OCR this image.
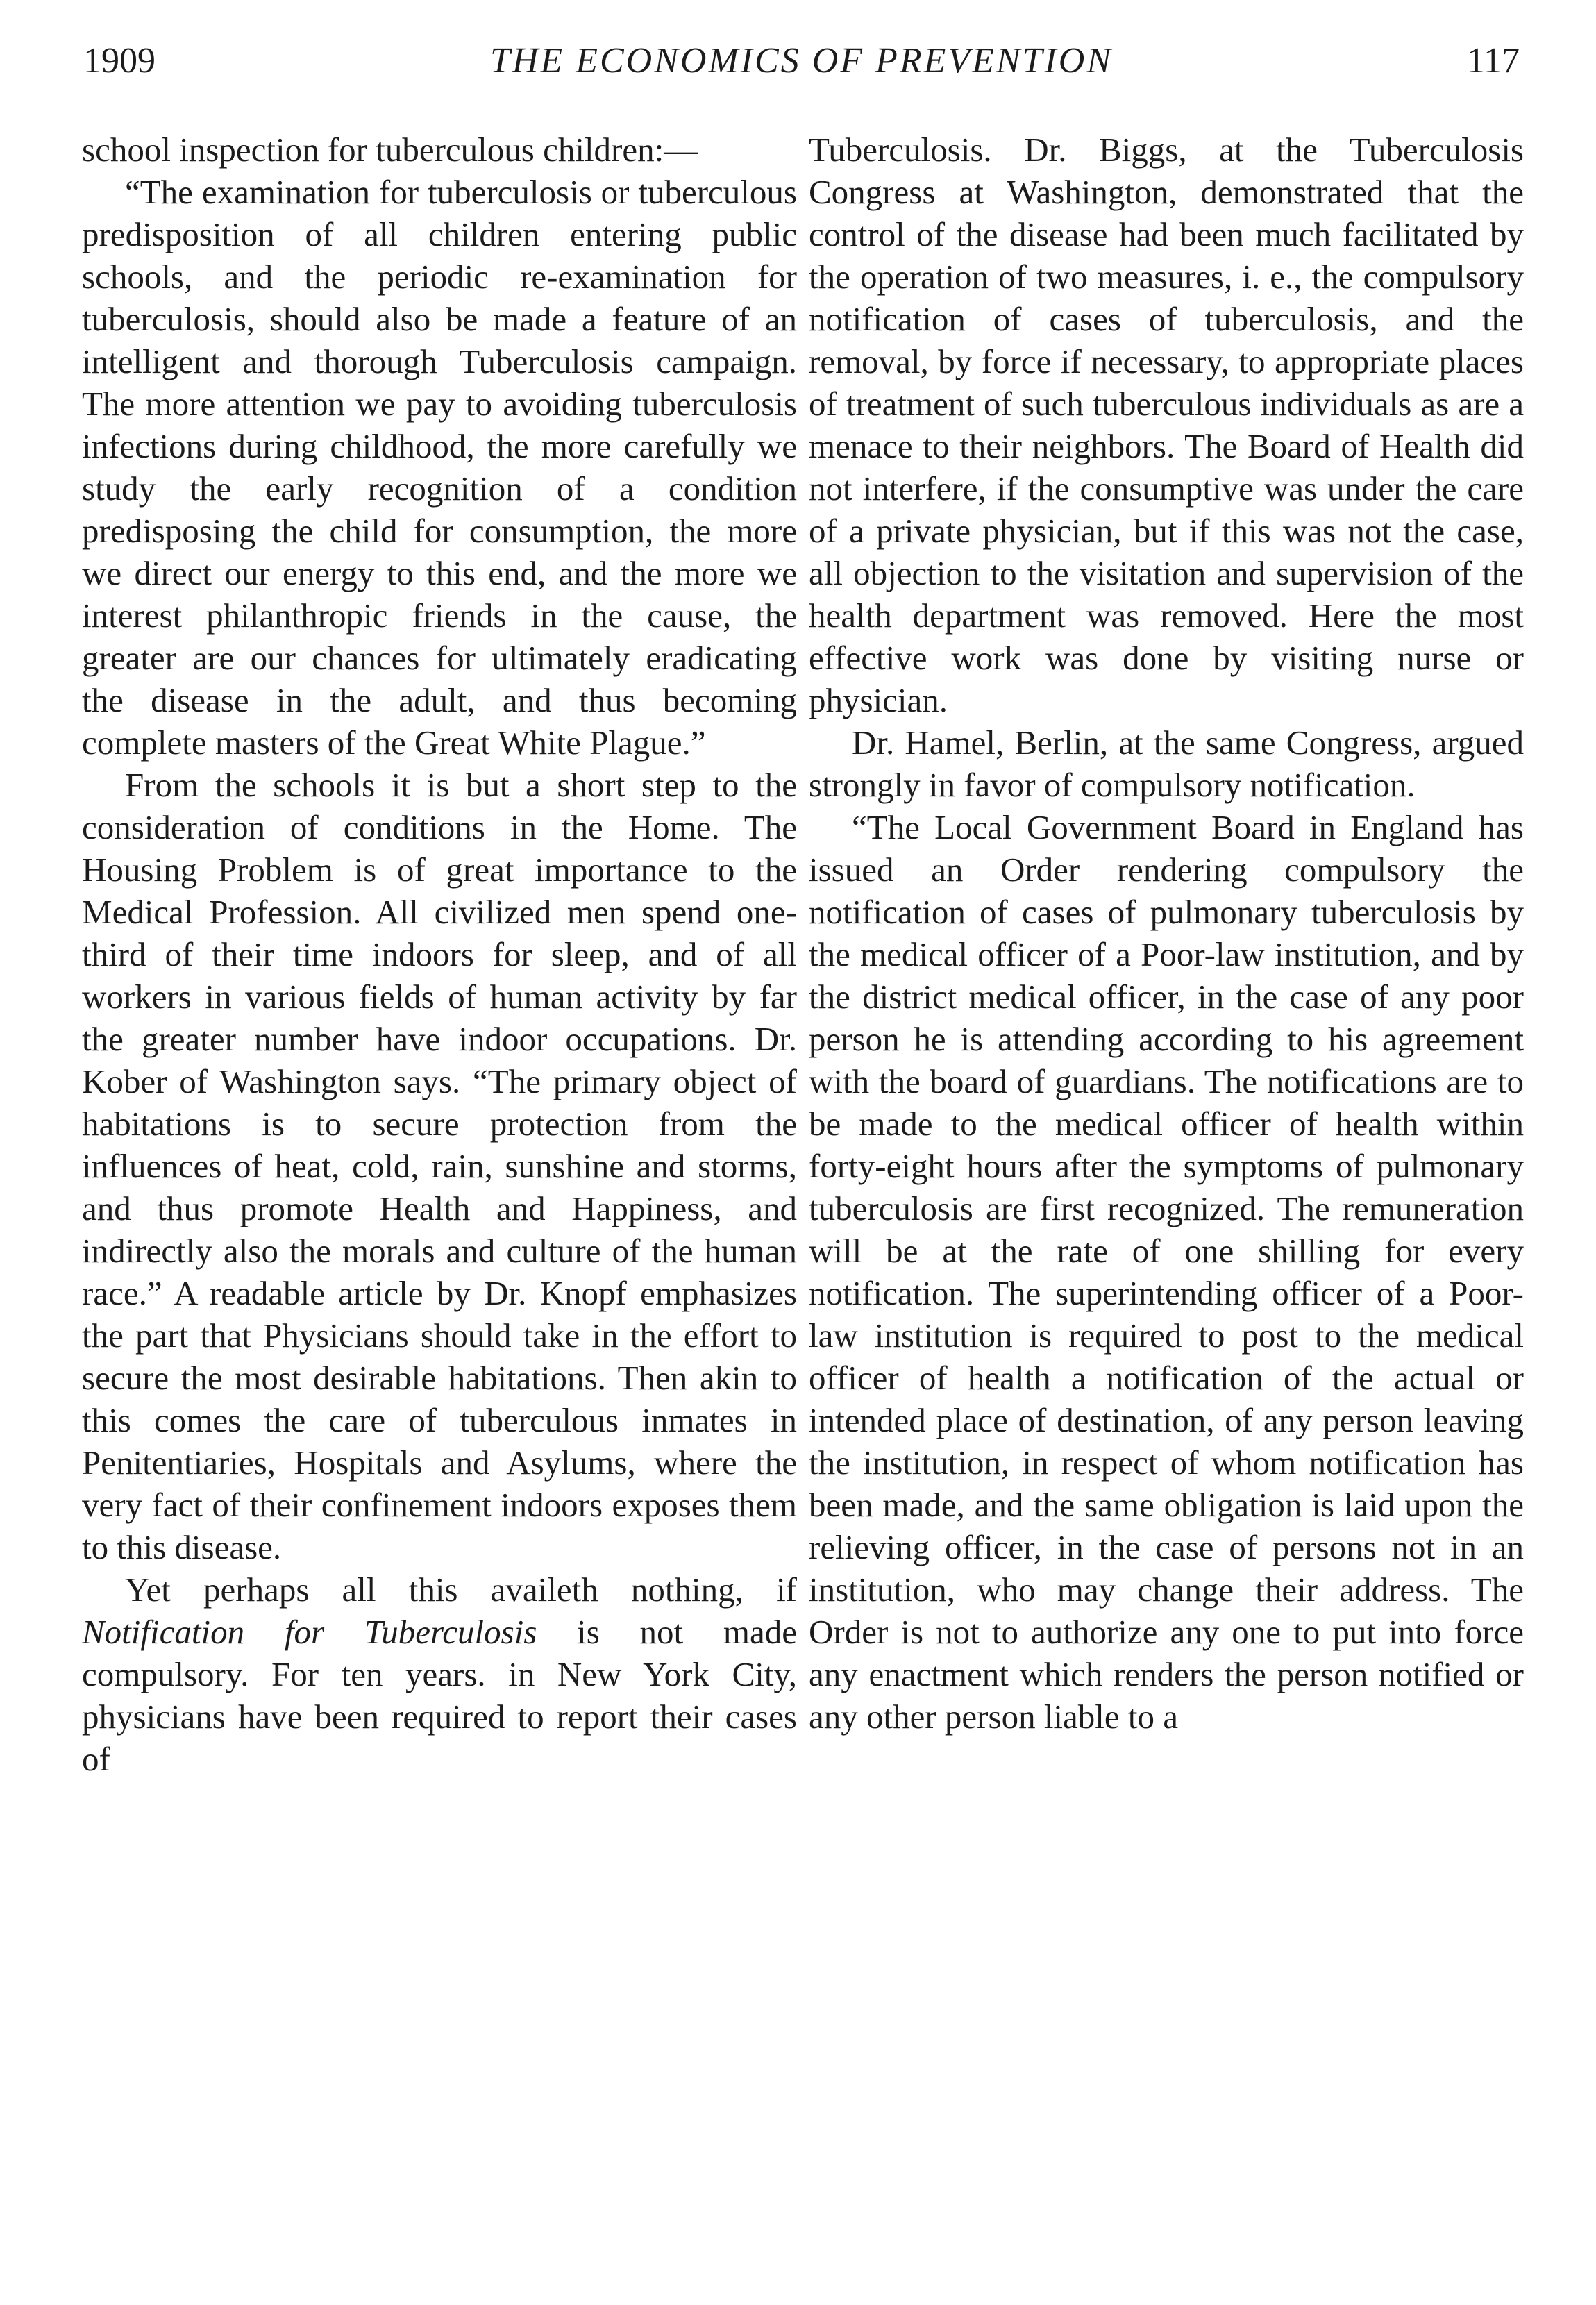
1909	THE ECONOMICS OF PREVENTION	117

school inspection for tuberculous children:—

“The examination for tuberculosis or tuberculous predisposition of all children entering public schools, and the periodic re-examination for tuberculosis, should also be made a feature of an intelligent and thorough Tuberculosis campaign. The more attention we pay to avoiding tuberculosis infections during childhood, the more carefully we study the early recognition of a condition predisposing the child for consumption, the more we direct our energy to this end, and the more we interest philanthropic friends in the cause, the greater are our chances for ultimately eradicating the disease in the adult, and thus becoming complete masters of the Great White Plague.”

From the schools it is but a short step to the consideration of conditions in the Home. The Housing Problem is of great importance to the Medical Profession. All civilized men spend one-third of their time indoors for sleep, and of all workers in various fields of human activity by far the greater number have indoor occupations. Dr. Kober of Washington says. “The primary object of habitations is to secure protection from the influences of heat, cold, rain, sunshine and storms, and thus promote Health and Happiness, and indirectly also the morals and culture of the human race.” A readable article by Dr. Knopf emphasizes the part that Physicians should take in the effort to secure the most desirable habitations. Then akin to this comes the care of tuberculous inmates in Penitentiaries, Hospitals and Asylums, where the very fact of their confinement indoors exposes them to this disease.

Yet perhaps all this availeth nothing, if Notification for Tuberculosis is not made compulsory. For ten years. in New York City, physicians have been required to report their cases of

Tuberculosis. Dr. Biggs, at the Tuberculosis Congress at Washington, demonstrated that the control of the disease had been much facilitated by the operation of two measures, i. e., the compulsory notification of cases of tuberculosis, and the removal, by force if necessary, to appropriate places of treatment of such tuberculous individuals as are a menace to their neighbors. The Board of Health did not interfere, if the consumptive was under the care of a private physician, but if this was not the case, all objection to the visitation and supervision of the health department was removed. Here the most effective work was done by visiting nurse or physician.

Dr. Hamel, Berlin, at the same Congress, argued strongly in favor of compulsory notification.

“The Local Government Board in England has issued an Order rendering compulsory the notification of cases of pulmonary tuberculosis by the medical officer of a Poor-law institution, and by the district medical officer, in the case of any poor person he is attending according to his agreement with the board of guardians. The notifications are to be made to the medical officer of health within forty-eight hours after the symptoms of pulmonary tuberculosis are first recognized. The remuneration will be at the rate of one shilling for every notification. The superintending officer of a Poor-law institution is required to post to the medical officer of health a notification of the actual or intended place of destination, of any person leaving the institution, in respect of whom notification has been made, and the same obligation is laid upon the relieving officer, in the case of persons not in an institution, who may change their address. The Order is not to authorize any one to put into force any enactment which renders the person notified or any other person liable to a
